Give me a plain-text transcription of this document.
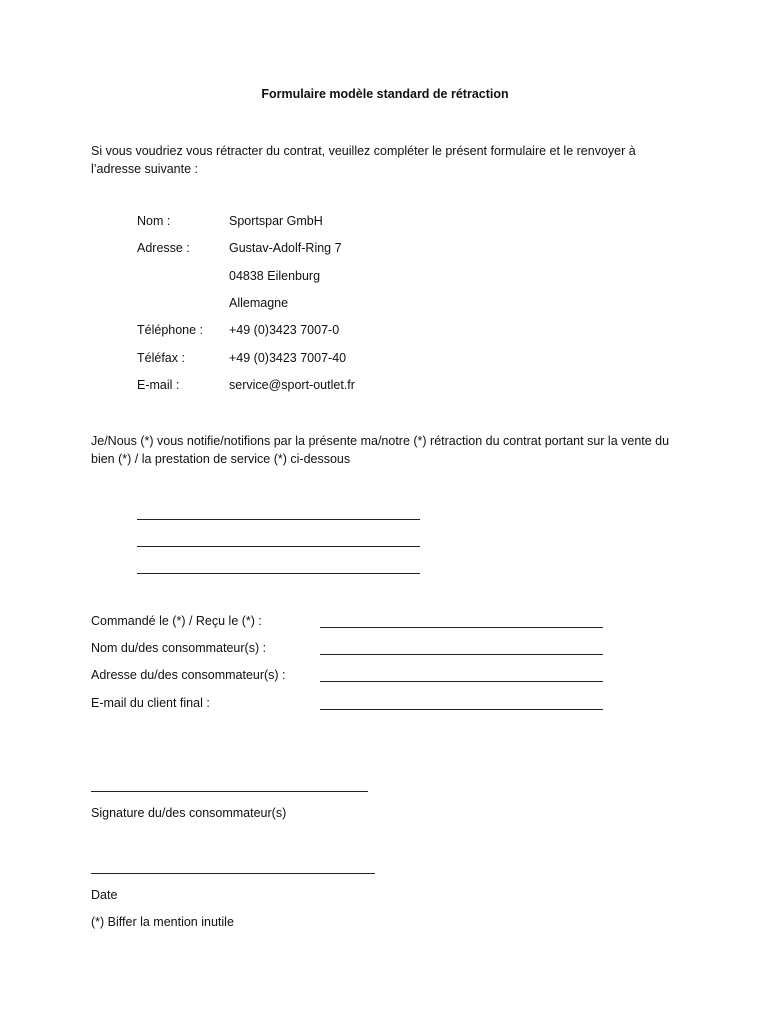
Formulaire modèle standard de rétraction
Si vous voudriez vous rétracter du contrat, veuillez compléter le présent formulaire et le renvoyer à l’adresse suivante :
Nom :	Sportspar GmbH
Adresse :	Gustav-Adolf-Ring 7
04838 Eilenburg
Allemagne
Téléphone : +49 (0)3423 7007-0
Téléfax :	+49 (0)3423 7007-40
E-mail :	service@sport-outlet.fr
Je/Nous (*) vous notifie/notifions par la présente ma/notre (*) rétraction du contrat portant sur la vente du bien (*) / la prestation de service (*) ci-dessous
Commandé le (*) / Reçu le (*) :
Nom du/des consommateur(s) :
Adresse du/des consommateur(s) :
E-mail du client final :
Signature du/des consommateur(s)
Date
(*) Biffer la mention inutile
